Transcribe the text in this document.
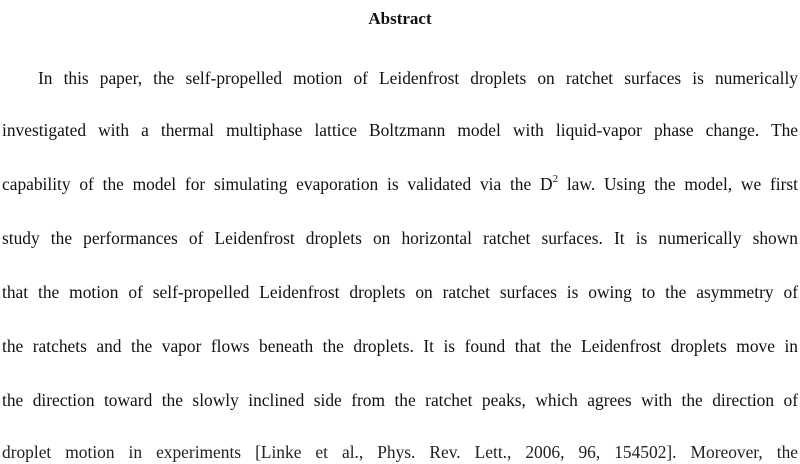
Abstract

In this paper, the self-propelled motion of Leidenfrost droplets on ratchet surfaces is numerically

investigated with a thermal multiphase lattice Boltzmann model with liquid-vapor phase change. The

capability of the model for simulating evaporation is validated via the $D^2$ law. Using the model, we first

study the performances of Leidenfrost droplets on horizontal ratchet surfaces. It is numerically shown

that the motion of self-propelled Leidenfrost droplets on ratchet surfaces is owing to the asymmetry of

the ratchets and the vapor flows beneath the droplets. It is found that the Leidenfrost droplets move in

the direction toward the slowly inclined side from the ratchet peaks, which agrees with the direction of

droplet motion in experiments [Linke et al., Phys. Rev. Lett., 2006, 96, 154502]. Moreover, the
